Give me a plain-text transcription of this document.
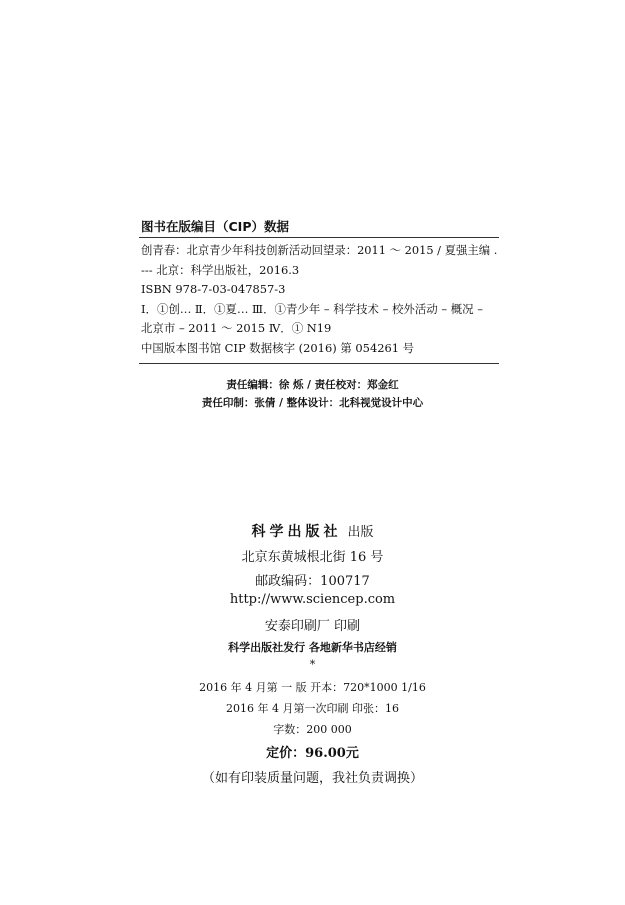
图书在版编目（CIP）数据
创青春：北京青少年科技创新活动回望录：2011 ～ 2015 / 夏强主编 .
--- 北京：科学出版社，2016.3
ISBN 978-7-03-047857-3
Ⅰ．①创… Ⅱ．①夏… Ⅲ．①青少年 – 科学技术 – 校外活动 – 概况 –
北京市 – 2011 ～ 2015 Ⅳ．① N19
中国版本图书馆 CIP 数据核字 (2016) 第 054261 号
责任编辑：徐 烁 / 责任校对：郑金红
责任印制：张倩 / 整体设计：北科视觉设计中心
科学出版社 出版
北京东黄城根北街 16 号
邮政编码：100717
http://www.sciencep.com
安泰印刷厂 印刷
科学出版社发行 各地新华书店经销
*
2016 年 4 月第 一 版 开本：720*1000 1/16
2016 年 4 月第一次印刷 印张：16
字数：200 000
定价：96.00元
（如有印装质量问题，我社负责调换）
